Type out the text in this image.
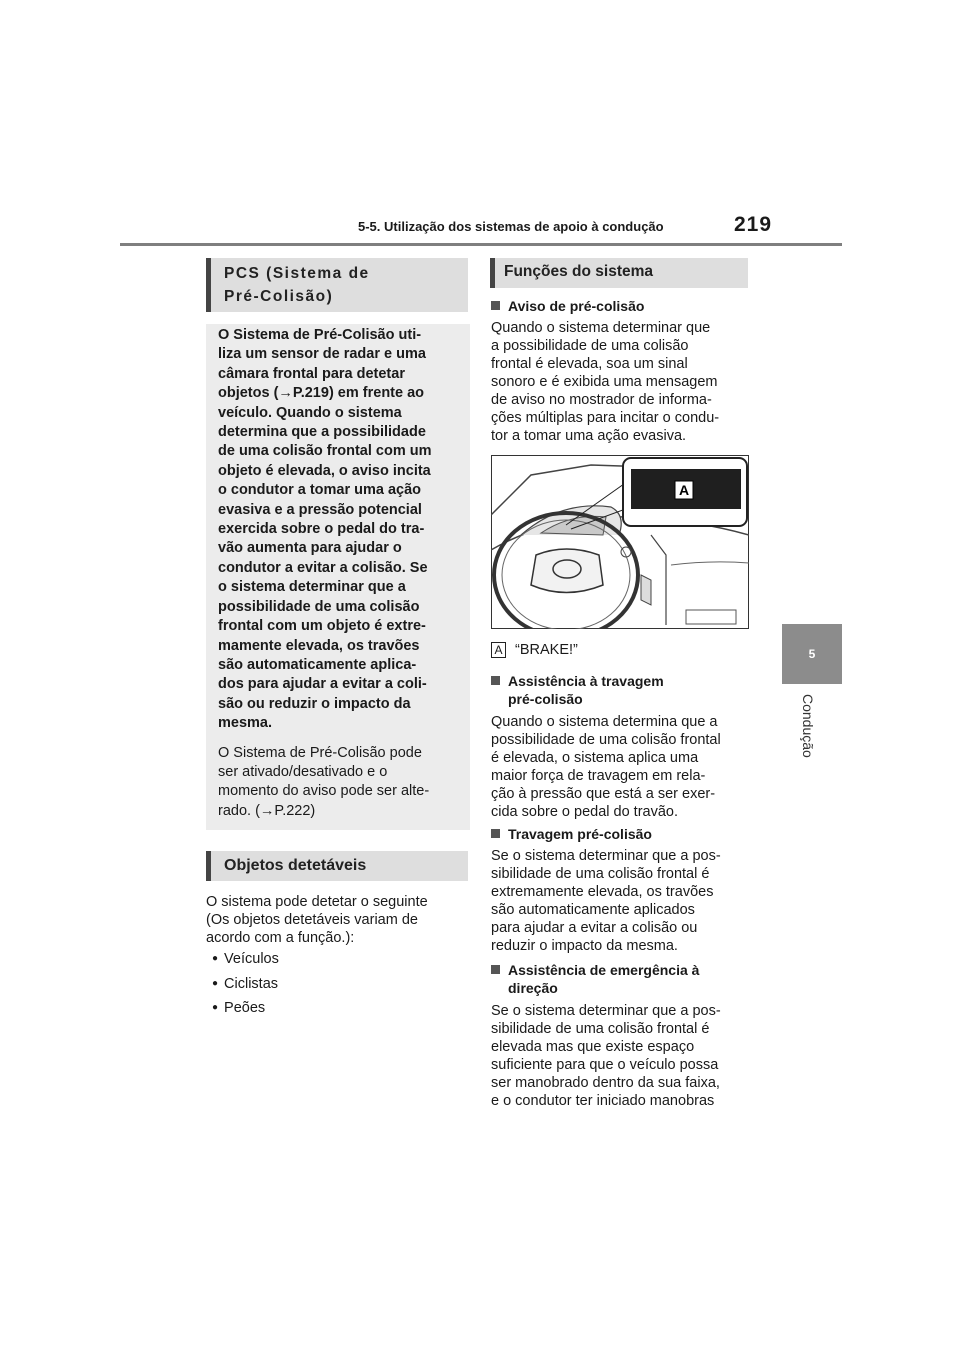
5-5. Utilização dos sistemas de apoio à condução	219
5
Condução
PCS (Sistema de
Pré-Colisão)

O Sistema de Pré-Colisão uti-
liza um sensor de radar e uma
câmara frontal para detetar
objetos (→P.219) em frente ao
veículo. Quando o sistema
determina que a possibilidade
de uma colisão frontal com um
objeto é elevada, o aviso incita
o condutor a tomar uma ação
evasiva e a pressão potencial
exercida sobre o pedal do tra-
vão aumenta para ajudar o
condutor a evitar a colisão. Se
o sistema determinar que a
possibilidade de uma colisão
frontal com um objeto é extre-
mamente elevada, os travões
são automaticamente aplica-
dos para ajudar a evitar a coli-
são ou reduzir o impacto da
mesma.

O Sistema de Pré-Colisão pode
ser ativado/desativado e o
momento do aviso pode ser alte-
rado. (→P.222)

Objetos detetáveis

O sistema pode detetar o seguinte
(Os objetos detetáveis variam de
acordo com a função.):

● Veículos
● Ciclistas
● Peões
Funções do sistema
Aviso de pré-colisão

Quando o sistema determinar que
a possibilidade de uma colisão
frontal é elevada, soa um sinal
sonoro e é exibida uma mensagem
de aviso no mostrador de informa-
ções múltiplas para incitar o condu-
tor a tomar uma ação evasiva.

A
A “BRAKE!”
Assistência à travagem
pré-colisão

Quando o sistema determina que a
possibilidade de uma colisão frontal
é elevada, o sistema aplica uma
maior força de travagem em rela-
ção à pressão que está a ser exer-
cida sobre o pedal do travão.

Travagem pré-colisão

Se o sistema determinar que a pos-
sibilidade de uma colisão frontal é
extremamente elevada, os travões
são automaticamente aplicados
para ajudar a evitar a colisão ou
reduzir o impacto da mesma.

Assistência de emergência à
direção

Se o sistema determinar que a pos-
sibilidade de uma colisão frontal é
elevada mas que existe espaço
suficiente para que o veículo possa
ser manobrado dentro da sua faixa,
e o condutor ter iniciado manobras
